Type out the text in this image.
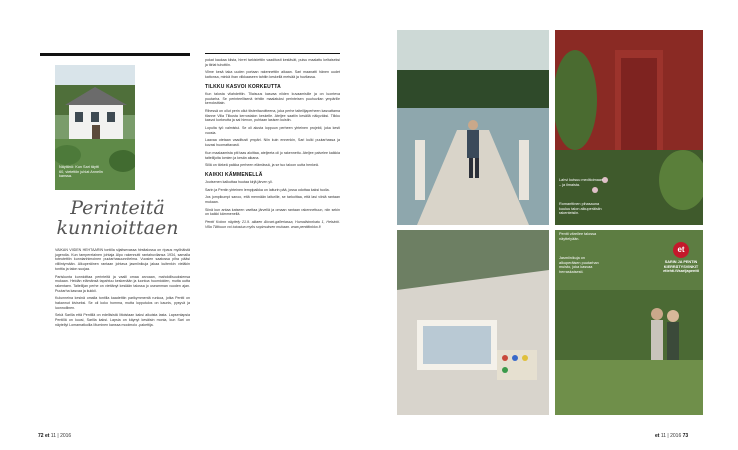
Näytänö: Kun Sari täytti 60, vietettiin juhlat Annelin kanssa.
Perinteitä
kunnioittaen

VAIKAN VIIDEN HEHTAARIN tontilla sijaitsevassa hirsitalossa on ripaus myöhäistä jugendia. Kun tamperelainen johtaja Alpo rakennutti rantahuvilansa 1934, samalla toteutettiin kunnianhimoinen puutarhasuunnitelma. Vuosien saatossa piha pääsi villiintymään. Alkuperäinen rantaan johtava jasmiinikuja jakaa kuitenkin vieläkin tonttia ja talon suojaa.

Pariskunta kunnioittaa perinteitä ja vaalii omaa arvoaan, mahdollisuuksiensa mukaan. Heidän elämänsä tapahtuu keskenään ja luontoa huomioiden, mutta uutta rakentaen. Taiteilijan perhe on viettänyt kesiään talossa jo useamman vuoden ajan. Puutarha kasvaa ja kukkii.

Kulunneina kesinä omalla tontilla kaadettiin parikymmentä runkoa, jotka Pentti on hakannut kiviseksi. Se oli koko homma, mutta lopputulos on kaunis, pysyvä ja luonnollinen.

Sekä Sarilla että Pentillä on edellisistä liitoistaan kaksi aikuista lasta. Lapsenlapsia Pentillä on kuusi, Sarilla kaksi. Lapsia on käynyt kesäisin monia, kun Sari on näytellyt Lomamatkoilla Muminen kanssa moolmolo -pakettija.

pokat kaukaa kiista, hirret tarkistettiin vaaditusti kestävät, puisu maalattu keltaiseksi ja tiirlat tuhottiin.

Vilme kesä taka uuden portaan rakennettiin aikaan. Sari maanatti hänen uudet kattonsa, minkä ihan vilkkaaseen tahtiin keskellä metsää ja huvilassa.

TILKKU KASVOI KORKEUTTA

Kun talosta vilahdettiin. Tilaisuus kasvaa niiden kuvaamisille ja on luonteva puutarha. Se perinteellisenä tehtiin maalatuksi perinteisen puuhuvilan ympärille kerroksittain.

Rihessä on ollut perin ollut tiisteritavoitteena, joka perhe taiteilijaperheen kasvattama tilanne Villa Tilkusta kerrostalon keskelle. Ateljee saatiin kesällä näkyväksi. Tilkku kasvoi korkeutta ja sai hienon, puhtaan lasisen kuistin.

Lopulta työ valmistui. Se oli alusta loppuun perheen yhteinen projekti, joka kesti vuosia.

Laavaa otetaan vaaditusti ympäri. Niin kuin ennenkin, Sari kulki puutarhassa ja kuvasi huomattavasti.

Kun maalaamista piti taas aloittaa, ateljeeta oli jo rakennettu. Ateljee palvelee kaikkia taiteilijoita lomien ja kesän aikana.

Sillä on tärkeä paikka perheen elämässä, ja se tuo taloon uutta henkeä.

KAIKKI KÄMMENELLÄ

Joutsenen kalkuttaa huutaa kirjä järven yli.

Sarin ja Pentin yhteinen lempipaikka on laiturin pää, jossa odottaa kaksi tuolia.

Jos jompikumpi sanoo, että mennään laiturille, se tarkoittaa, että lasi viiniä rantaan mukaan.

Siinä kun antaa katseen vaeltaa järvellä ja omaan rantaan rakennettuun, niin sekin on kaikki kämmenellä.

Pentti Kokon näyttely 21.9. alkaen Akvart-galleriassa, Humalistonkatu 1, Helsinki. Villa Tilkkuun voi tutustua myös sopimuksen mukaan. www.penttikokko.fi

Lahvi kutsuu meditoimaan – ja ilmaista.
Romanttinen pihasauna kuuluu talon alkuperäisiin rakenteisiin.
Pentti väreilee talossa näyttelyään.
Jasmiinikuja on alkuperäisen puutarhan muisto, joka kasvaa herraskaisesti.
et
SARIN JA PENTIN KIERRÄTYSVINKIT etlehti.fi/sarijapentti
72 et 11 | 2016	et 11 | 2016 73
